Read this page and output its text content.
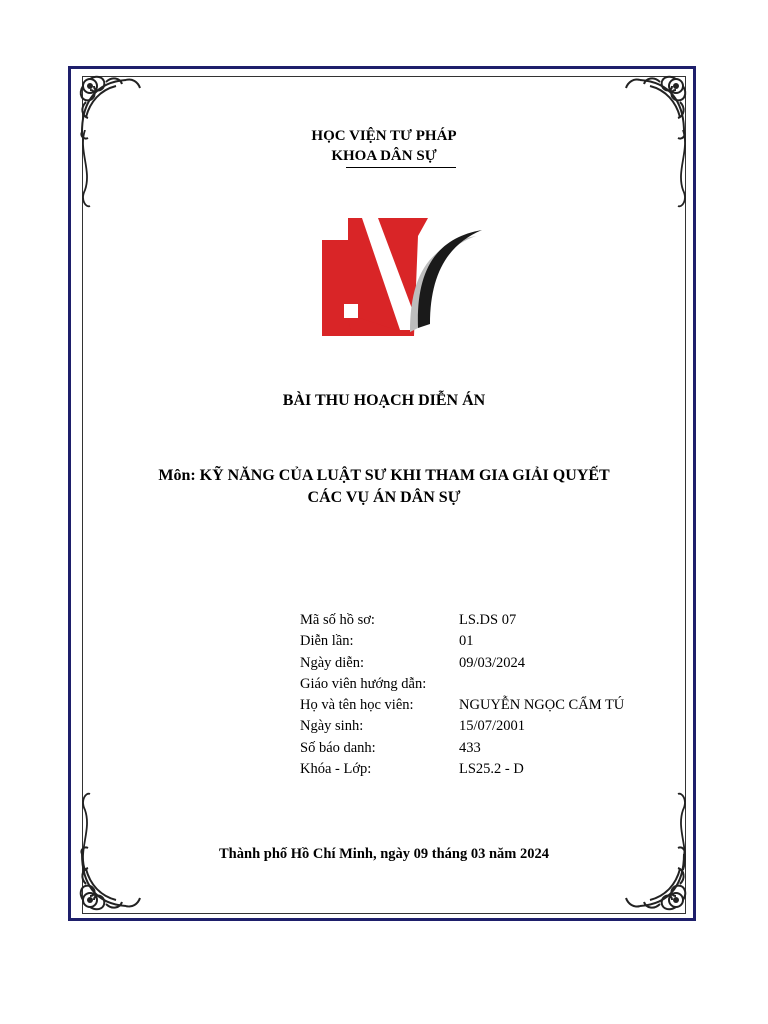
HỌC VIỆN TƯ PHÁP
KHOA DÂN SỰ
BÀI THU HOẠCH DIỄN ÁN
Môn: KỸ NĂNG CỦA LUẬT SƯ KHI THAM GIA GIẢI QUYẾT
CÁC VỤ ÁN DÂN SỰ
Mã số hồ sơ:	LS.DS 07
Diễn lần:	01
Ngày diễn:	09/03/2024
Giáo viên hướng dẫn:
Họ và tên học viên:	NGUYỄN NGỌC CẨM TÚ
Ngày sinh:	15/07/2001
Số báo danh:	433
Khóa - Lớp:	LS25.2 - D
Thành phố Hồ Chí Minh, ngày 09 tháng 03 năm 2024
